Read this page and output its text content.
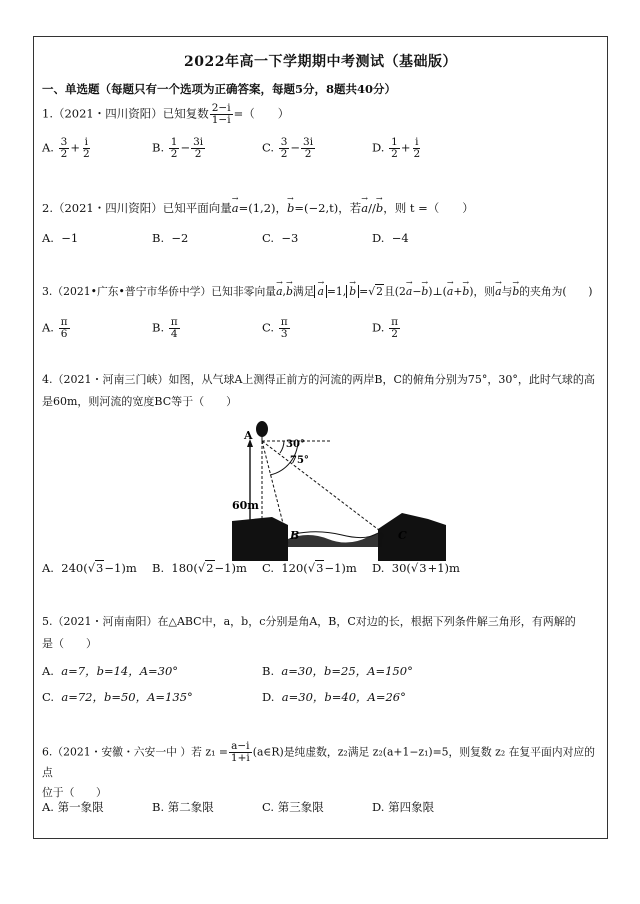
2022年高一下学期期中考测试（基础版）
一、单选题（每题只有一个选项为正确答案，每题5分，8题共40分）
1.（2021・四川资阳）已知复数 $\frac{2-i}{1-i}$ =（　　）
A. $\frac{3}{2} + \frac{i}{2}$	B. $\frac{1}{2} - \frac{3i}{2}$	C. $\frac{3}{2} - \frac{3i}{2}$	D. $\frac{1}{2} + \frac{i}{2}$
2.（2021・四川资阳）已知平面向量→ a=(1,2)，→ b=(−2,t)，若→ a//→ b，则 t =（　　）
A. −1	B. −2	C. −3	D. −4
3.（2021•广东•普宁市华侨中学）已知非零向量→ a,→ b满足 → a =1, → b =√2且(2→ a−→ b)⊥(→ a+→ b)，则→ a与→ b的夹角为(　　)
A. $\frac{\pi}{6}$	B. $\frac{\pi}{4}$	C. $\frac{\pi}{3}$	D. $\frac{\pi}{2}$
4.（2021・河南三门峡）如图，从气球A上测得正前方的河流的两岸B，C的俯角分别为75°，30°，此时气球的高
是60m，则河流的宽度BC等于（　　）
A
30°
75°
60m
B	C
A. 240(√3−1)m B. 180(√2−1)m C. 120(√3−1)m D. 30(√3+1)m
5.（2021・河南南阳）在△ABC中，a，b，c分别是角A，B，C对边的长，根据下列条件解三角形，有两解的
是（　　）
A. a=7，b=14，A=30°	B. a=30，b=25，A=150°
C. a=72，b=50，A=135°	D. a=30，b=40，A=26°
6.（2021・安徽・六安一中 ）若 $z_1 = \frac{a-i}{1+i}$ (a∈R)是纯虚数，z₂满足 z₂(a+1−z₁)=5，则复数 z₂ 在复平面内对应的点
位于（　　）
A. 第一象限	B. 第二象限	C. 第三象限	D. 第四象限
